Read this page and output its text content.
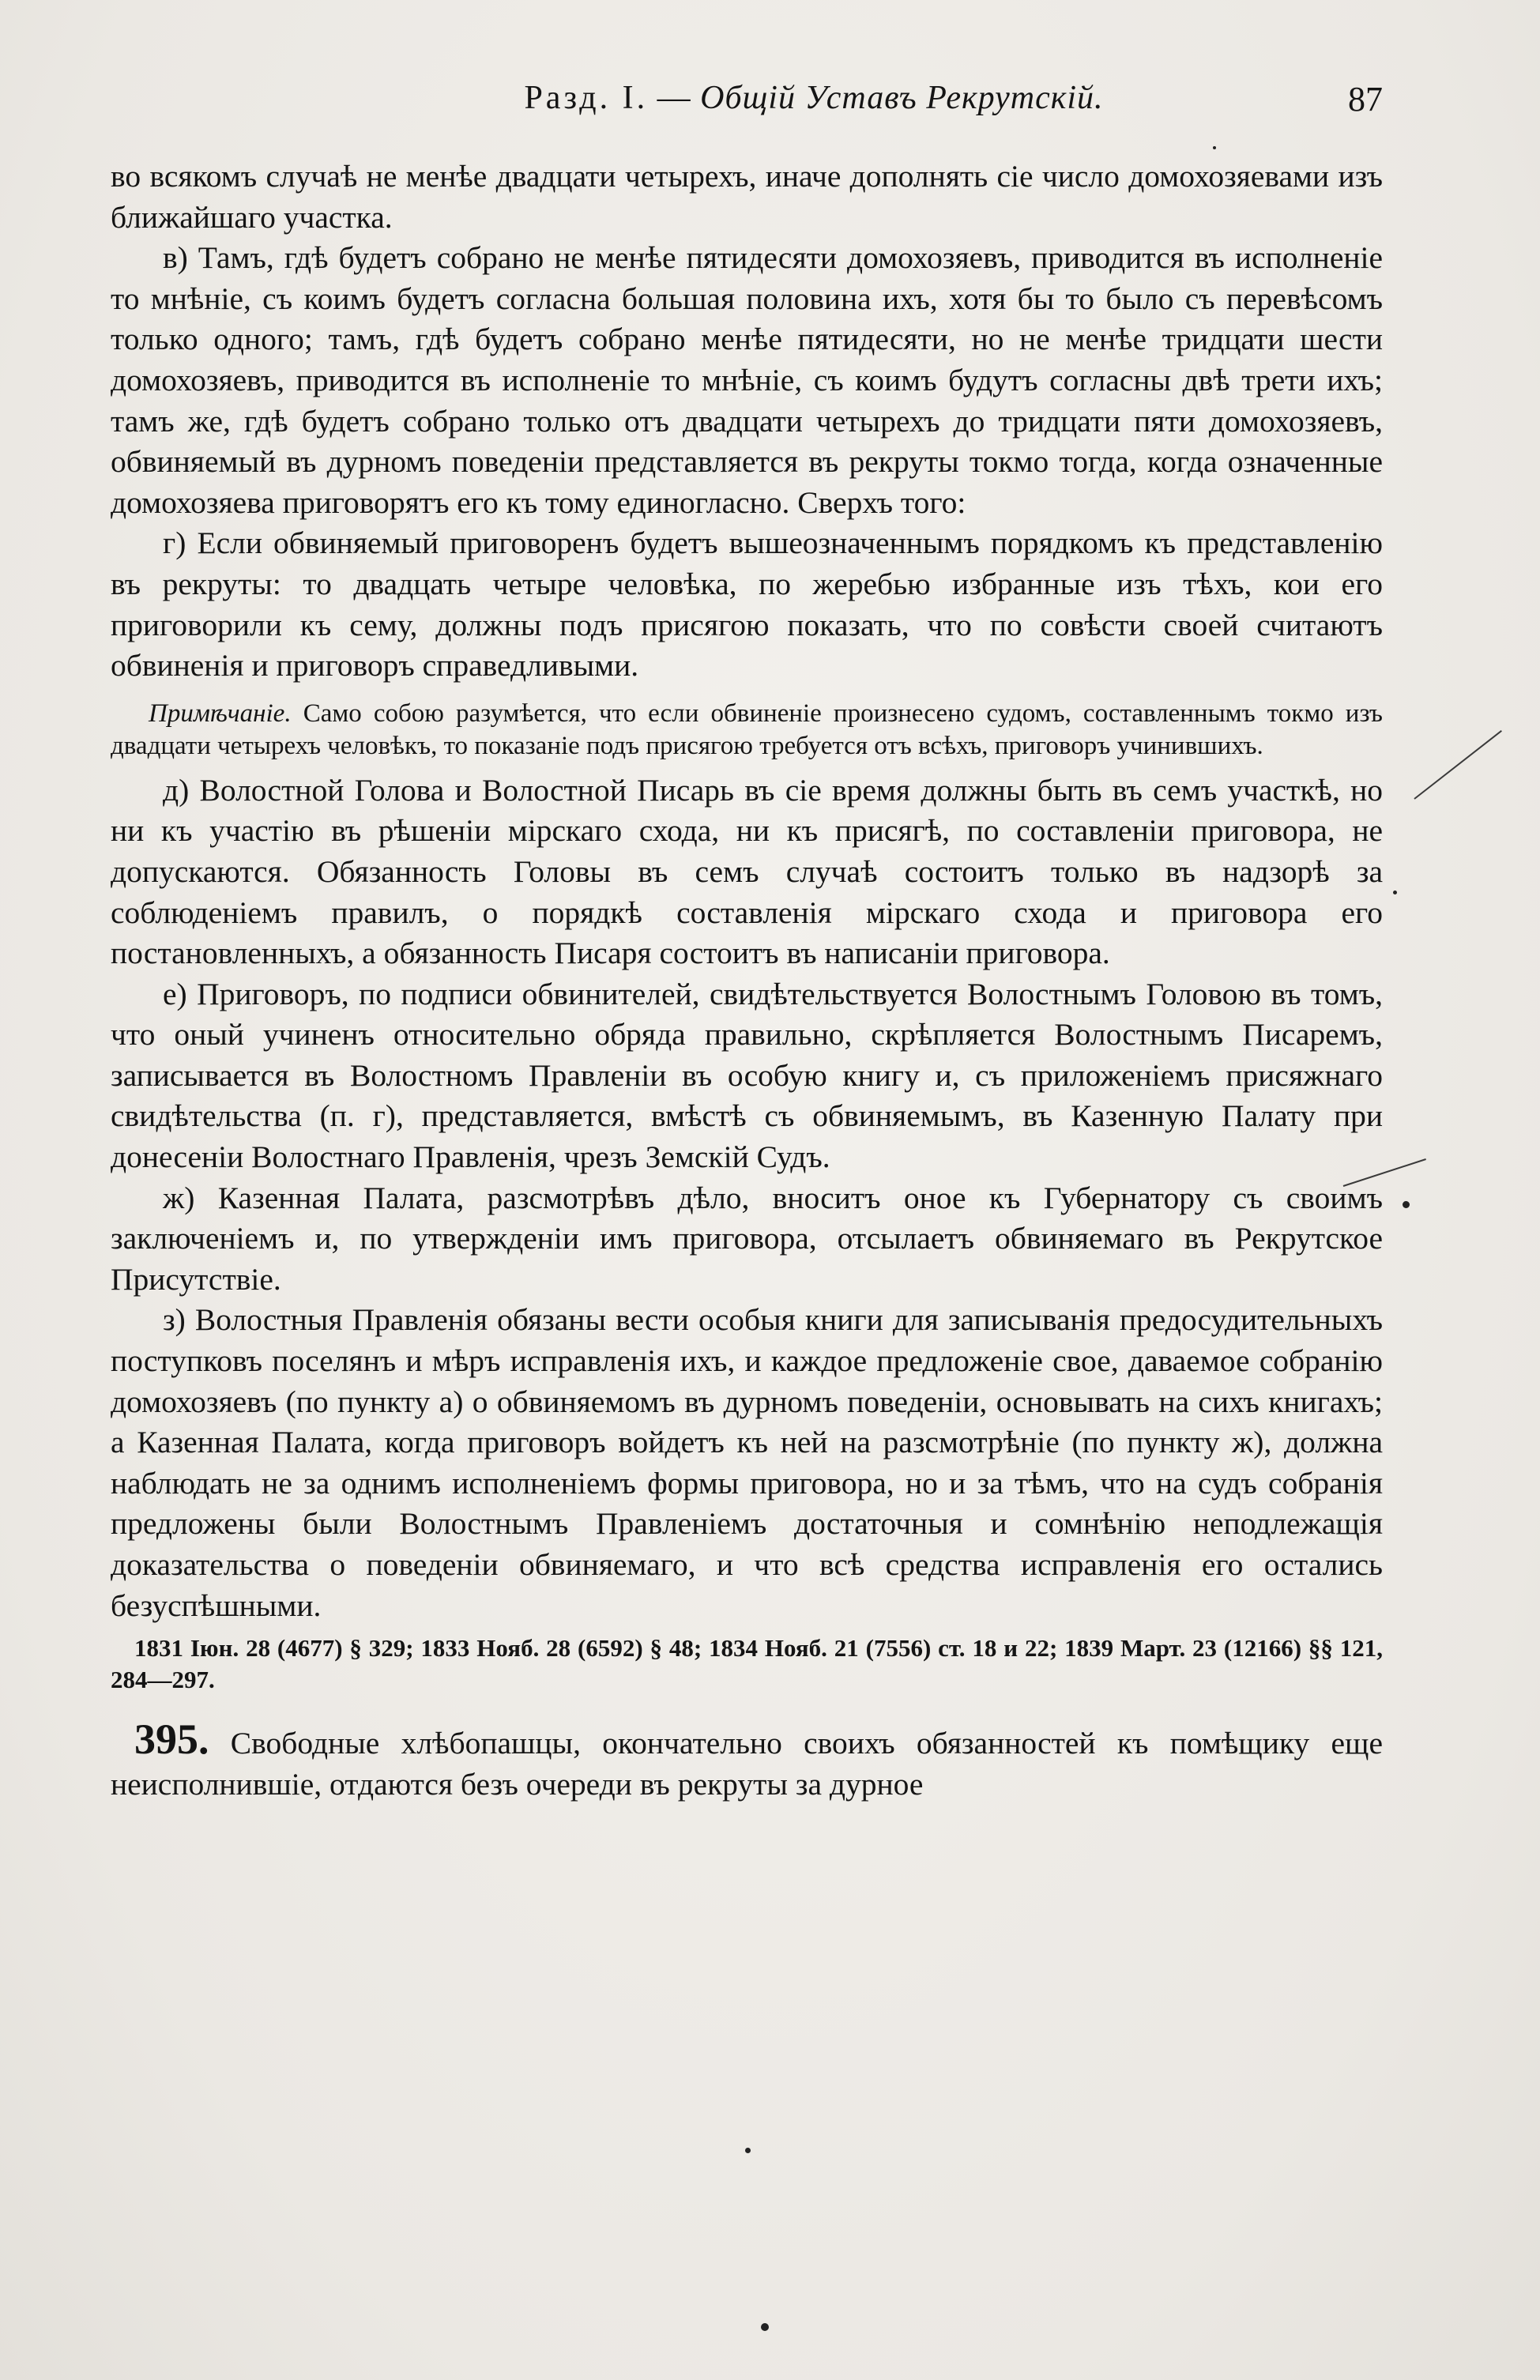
Разд. I. — Общій Уставъ Рекрутскій.	87

во всякомъ случаѣ не менѣе двадцати четырехъ, иначе дополнять сіе число домохозяевами изъ ближайшаго участка.

в) Тамъ, гдѣ будетъ собрано не менѣе пятидесяти домохозяевъ, приводится въ исполненіе то мнѣніе, съ коимъ будетъ согласна большая половина ихъ, хотя бы то было съ перевѣсомъ только одного; тамъ, гдѣ будетъ собрано менѣе пятидесяти, но не менѣе тридцати шести домохозяевъ, приводится въ исполненіе то мнѣніе, съ коимъ будутъ согласны двѣ трети ихъ; тамъ же, гдѣ будетъ собрано только отъ двадцати четырехъ до тридцати пяти домохозяевъ, обвиняемый въ дурномъ поведеніи представляется въ рекруты токмо тогда, когда означенные домохозяева приговорятъ его къ тому единогласно. Сверхъ того:

г) Если обвиняемый приговоренъ будетъ вышеозначеннымъ порядкомъ къ представленію въ рекруты: то двадцать четыре человѣка, по жеребью избранные изъ тѣхъ, кои его приговорили къ сему, должны подъ присягою показать, что по совѣсти своей считаютъ обвиненія и приговоръ справедливыми.

Примѣчаніе. Само собою разумѣется, что если обвиненіе произнесено судомъ, составленнымъ токмо изъ двадцати четырехъ человѣкъ, то показаніе подъ присягою требуется отъ всѣхъ, приговоръ учинившихъ.

д) Волостной Голова и Волостной Писарь въ сіе время должны быть въ семъ участкѣ, но ни къ участію въ рѣшеніи мірскаго схода, ни къ присягѣ, по составленіи приговора, не допускаются. Обязанность Головы въ семъ случаѣ состоитъ только въ надзорѣ за соблюденіемъ правилъ, о порядкѣ составленія мірскаго схода и приговора его постановленныхъ, а обязанность Писаря состоитъ въ написаніи приговора.

е) Приговоръ, по подписи обвинителей, свидѣтельствуется Волостнымъ Головою въ томъ, что оный учиненъ относительно обряда правильно, скрѣпляется Волостнымъ Писаремъ, записывается въ Волостномъ Правленіи въ особую книгу и, съ приложеніемъ присяжнаго свидѣтельства (п. г), представляется, вмѣстѣ съ обвиняемымъ, въ Казенную Палату при донесеніи Волостнаго Правленія, чрезъ Земскій Судъ.

ж) Казенная Палата, разсмотрѣвъ дѣло, вноситъ оное къ Губернатору съ своимъ заключеніемъ и, по утвержденіи имъ приговора, отсылаетъ обвиняемаго въ Рекрутское Присутствіе.

з) Волостныя Правленія обязаны вести особыя книги для записыванія предосудительныхъ поступковъ поселянъ и мѣръ исправленія ихъ, и каждое предложеніе свое, даваемое собранію домохозяевъ (по пункту а) о обвиняемомъ въ дурномъ поведеніи, основывать на сихъ книгахъ; а Казенная Палата, когда приговоръ войдетъ къ ней на разсмотрѣніе (по пункту ж), должна наблюдать не за однимъ исполненіемъ формы приговора, но и за тѣмъ, что на судъ собранія предложены были Волостнымъ Правленіемъ достаточныя и сомнѣнію неподлежащія доказательства о поведеніи обвиняемаго, и что всѣ средства исправленія его остались безуспѣшными.

1831 Іюн. 28 (4677) § 329; 1833 Нояб. 28 (6592) § 48; 1834 Нояб. 21 (7556) ст. 18 и 22; 1839 Март. 23 (12166) §§ 121, 284—297.

395. Свободные хлѣбопашцы, окончательно своихъ обязанностей къ помѣщику еще неисполнившіе, отдаются безъ очереди въ рекруты за дурное
